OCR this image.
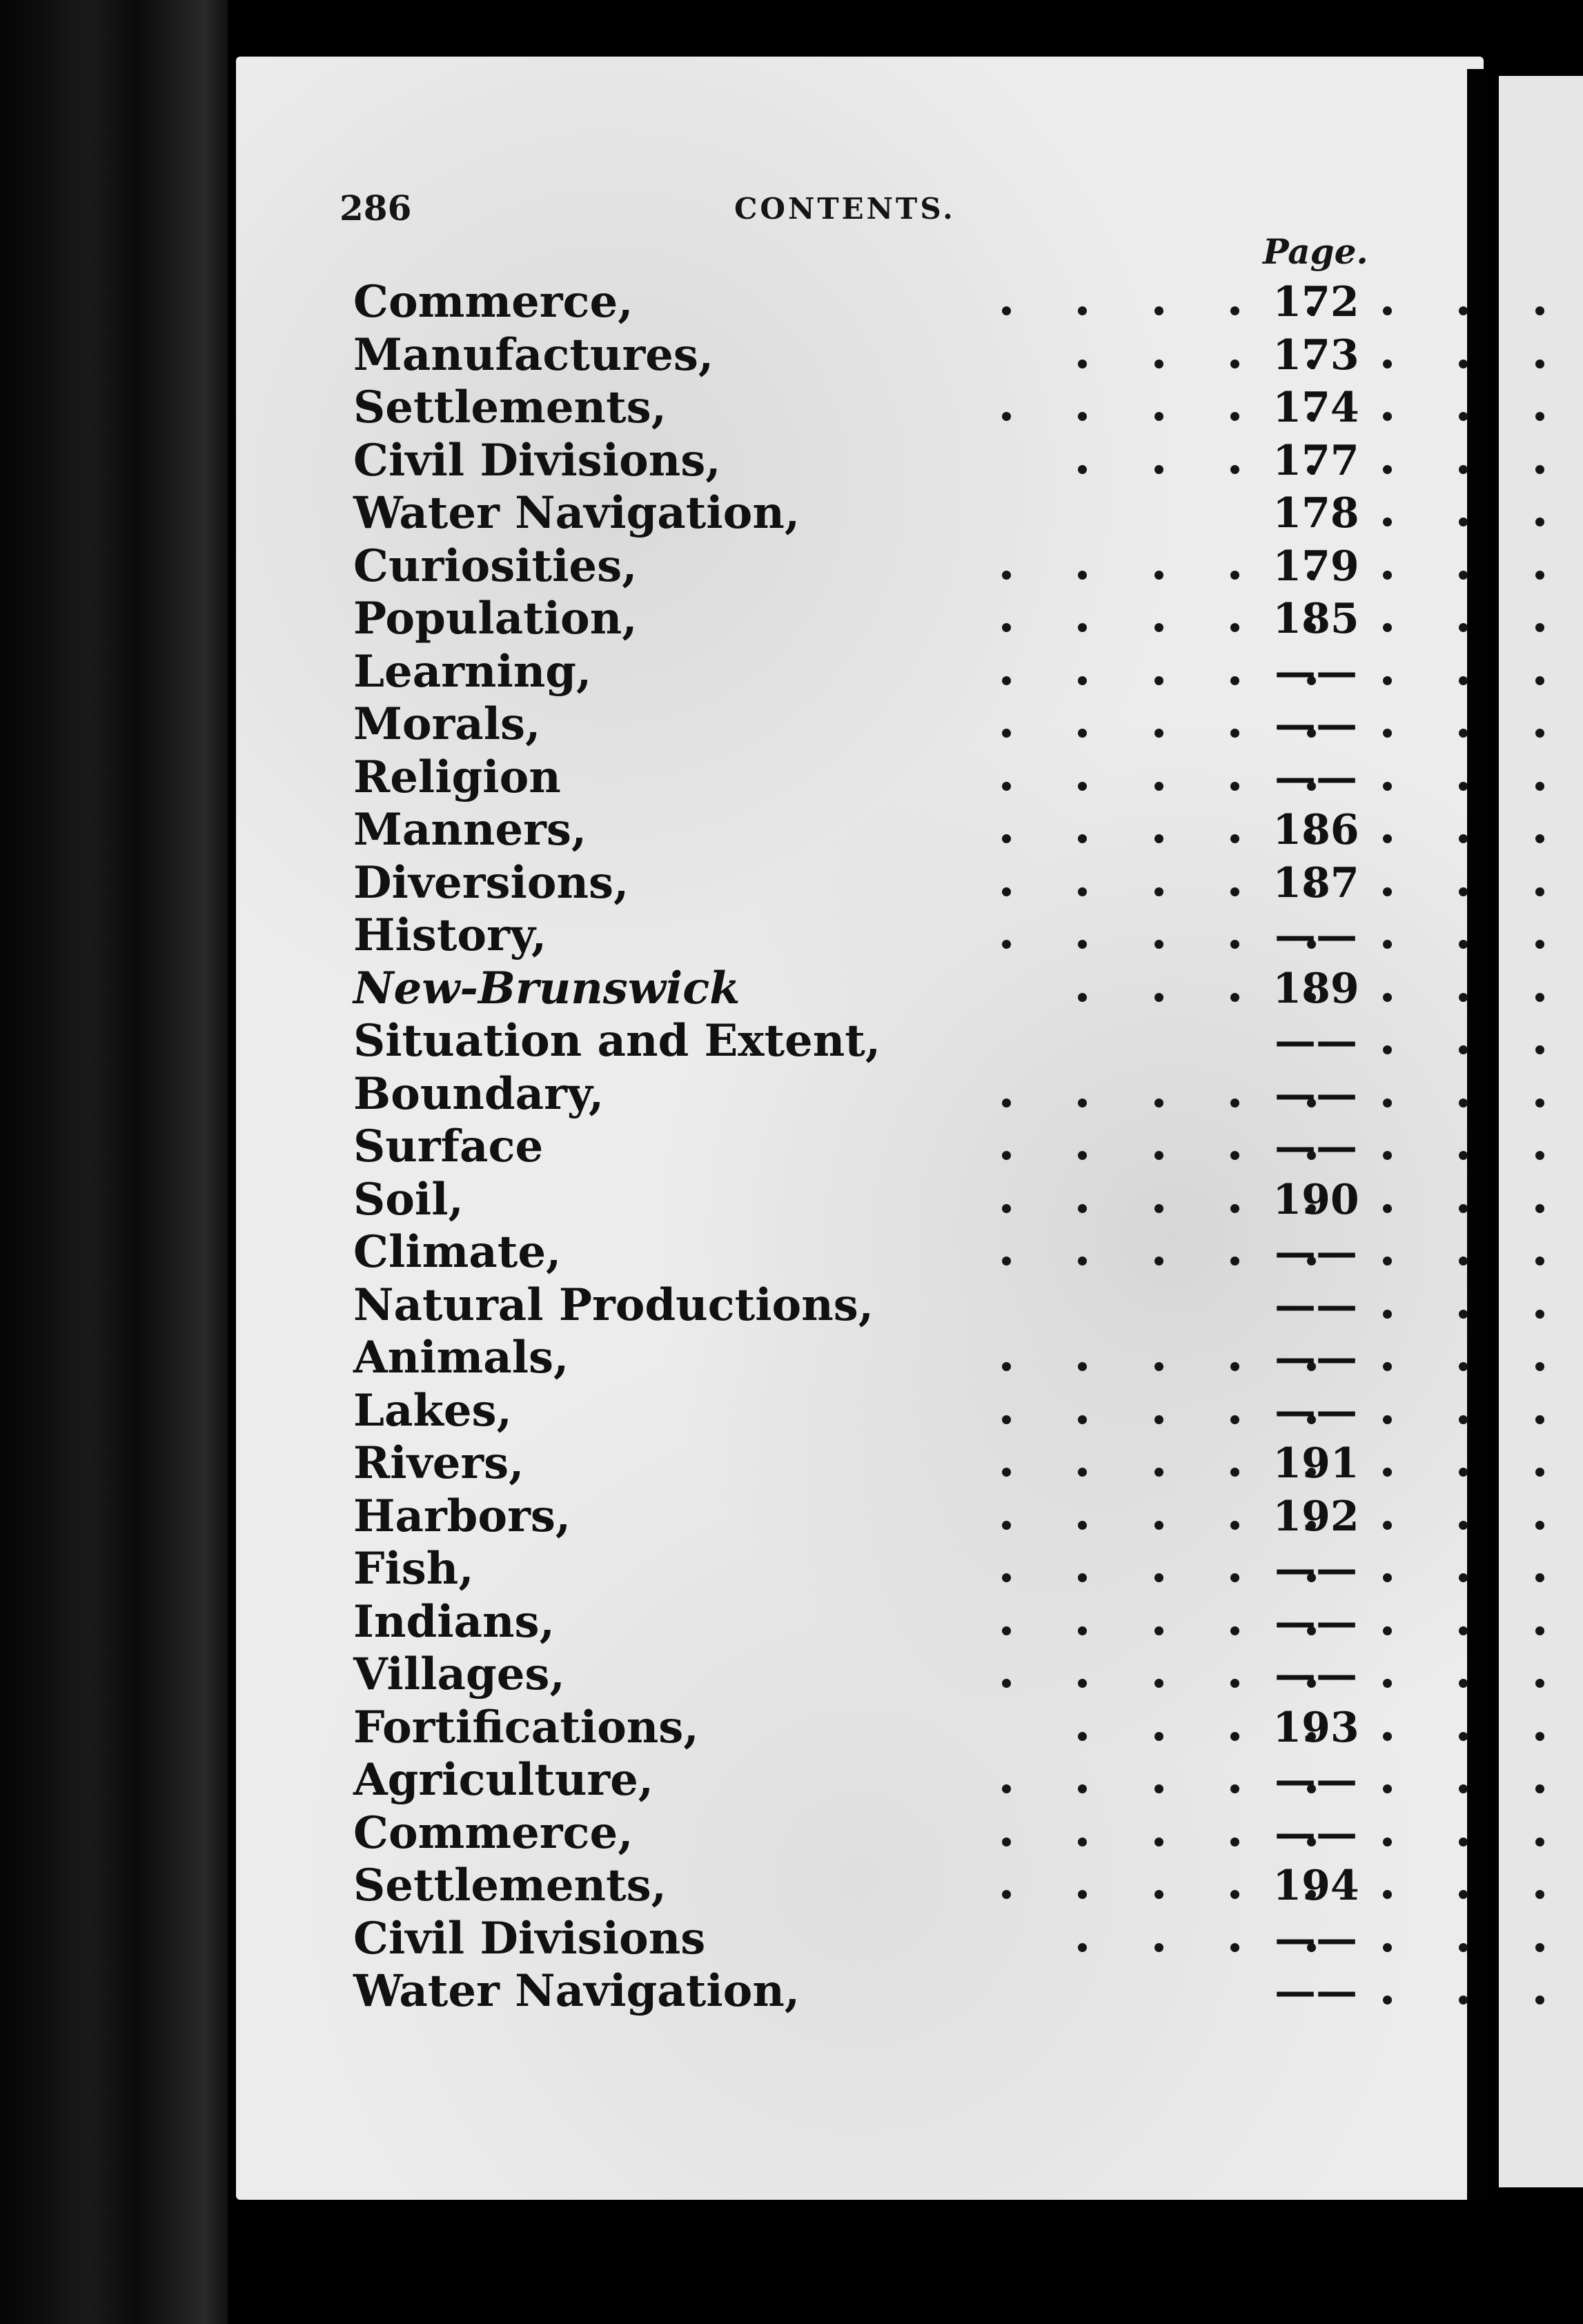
286	CONTENTS.
Page.
Commerce,	172
Manufactures,	173
Settlements,	174
Civil Divisions,	177
Water Navigation,	178
Curiosities,	179
Population,	185
Learning,	——
Morals,	——
Religion	——
Manners,	186
Diversions,	187
History,	——
New-Brunswick	189
Situation and Extent,	——
Boundary,	——
Surface	——
Soil,	190
Climate,	——
Natural Productions,	——
Animals,	——
Lakes,	——
Rivers,	191
Harbors,	192
Fish,	——
Indians,	——
Villages,	——
Fortifications,	193
Agriculture,	——
Commerce,	——
Settlements,	194
Civil Divisions	——
Water Navigation,	——
